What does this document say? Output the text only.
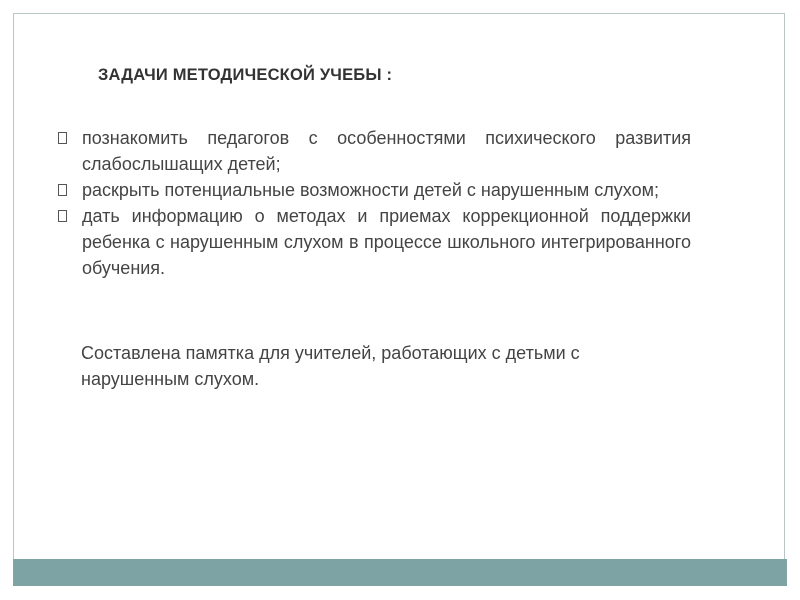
ЗАДАЧИ МЕТОДИЧЕСКОЙ УЧЕБЫ :
познакомить педагогов с особенностями психического развития слабослышащих детей;
раскрыть потенциальные возможности детей с нарушенным слухом;
дать информацию о методах и приемах коррекционной поддержки ребенка с нарушенным слухом в процессе школьного интегрированного обучения.

Составлена памятка для учителей, работающих с детьми с нарушенным слухом.
